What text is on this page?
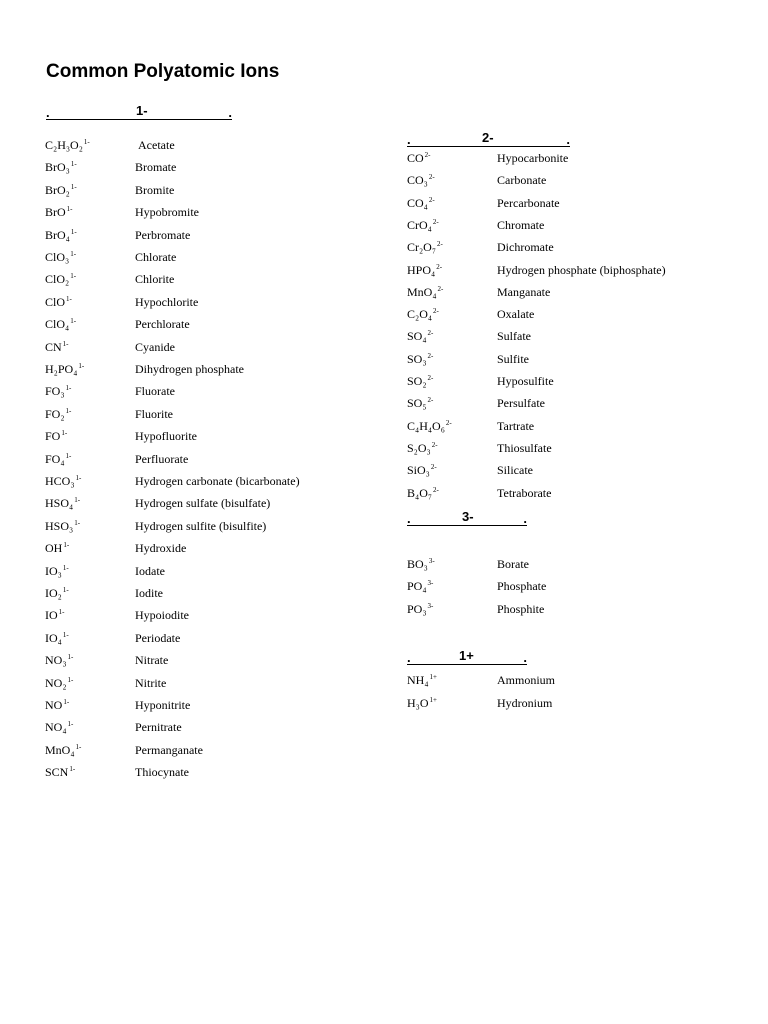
Common Polyatomic Ions
.	1-	.
C₂H₃O₂$^{1-}$	Acetate
BrO₃$^{1-}$	Bromate
BrO₂$^{1-}$	Bromite
BrO$^{1-}$	Hypobromite
BrO₄$^{1-}$	Perbromate
ClO₃$^{1-}$	Chlorate
ClO₂$^{1-}$	Chlorite
ClO$^{1-}$	Hypochlorite
ClO₄$^{1-}$	Perchlorate
$CN^{1-}$	Cyanide
H₂PO₄$^{1-}$	Dihydrogen phosphate
FO₃$^{1-}$	Fluorate
FO₂$^{1-}$	Fluorite
$FO^{1-}$	Hypofluorite
FO₄$^{1-}$	Perfluorate
HCO₃$^{1-}$	Hydrogen carbonate (bicarbonate)
HSO₄$^{1-}$	Hydrogen sulfate (bisulfate)
HSO₃$^{1-}$	Hydrogen sulfite (bisulfite)
$OH^{1-}$	Hydroxide
IO₃$^{1-}$	Iodate
IO₂$^{1-}$	Iodite
$IO^{1-}$	Hypoiodite
IO₄$^{1-}$	Periodate
NO₃$^{1-}$	Nitrate
NO₂$^{1-}$	Nitrite
$NO^{1-}$	Hyponitrite
NO₄$^{1-}$	Pernitrate
MnO₄$^{1-}$	Permanganate
$SCN^{1-}$	Thiocynate
.	2-	.
$CO^{2-}$	Hypocarbonite
CO₃$^{2-}$	Carbonate
CO₄$^{2-}$	Percarbonate
CrO₄$^{2-}$	Chromate
Cr₂O₇$^{2-}$	Dichromate
HPO₄$^{2-}$	Hydrogen phosphate (biphosphate)
MnO₄$^{2-}$	Manganate
C₂O₄$^{2-}$	Oxalate
SO₄$^{2-}$	Sulfate
SO₃$^{2-}$	Sulfite
SO₂$^{2-}$	Hyposulfite
SO₅$^{2-}$	Persulfate
C₄H₄O₆$^{2-}$	Tartrate
S₂O₃$^{2-}$	Thiosulfate
SiO₃$^{2-}$	Silicate
B₄O₇$^{2-}$	Tetraborate
.	3-	.
BO₃$^{3-}$	Borate
PO₄$^{3-}$	Phosphate
PO₃$^{3-}$	Phosphite
.	1+	.
NH₄$^{1+}$	Ammonium
$H_3O^{1+}$	Hydronium
